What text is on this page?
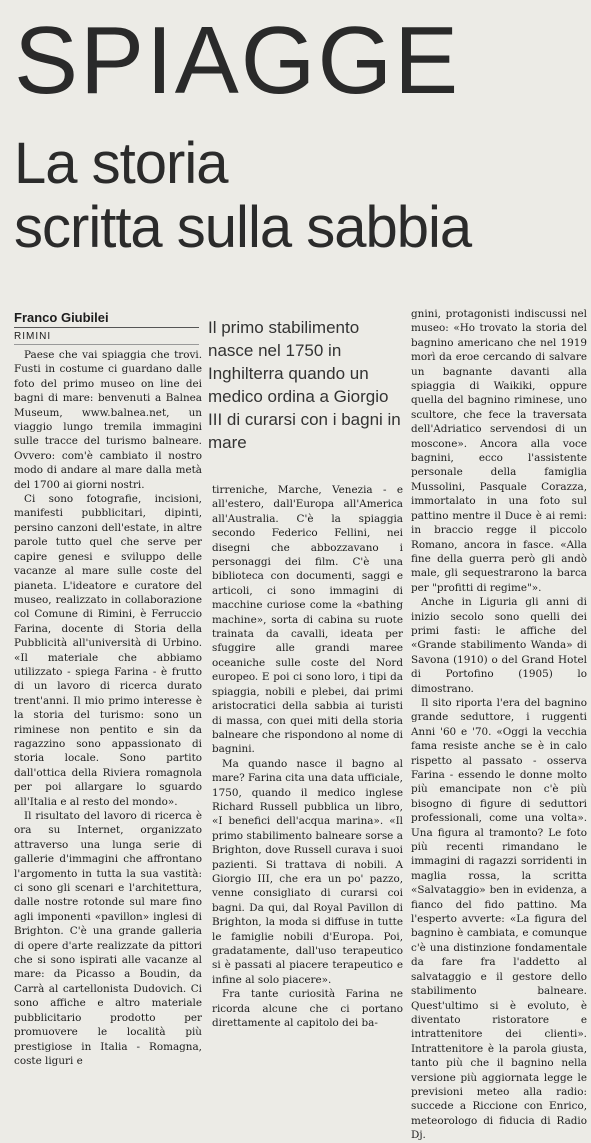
SPIAGGE
La storia
scritta sulla sabbia
Franco Giubilei
RIMINI	Il primo stabilimento nasce nel 1750 in Inghilterra quando un medico ordina a Giorgio III di curarsi con i bagni in mare

Paese che vai spiaggia che trovi. Fusti in costume ci guardano dalle foto del primo museo on line dei bagni di mare: benvenuti a Balnea Museum, www.balnea.net, un viaggio lungo tremila immagini sulle tracce del turismo balneare. Ovvero: com'è cambiato il nostro modo di andare al mare dalla metà del 1700 ai giorni nostri.

Ci sono fotografie, incisioni, manifesti pubblicitari, dipinti, persino canzoni dell'estate, in altre parole tutto quel che serve per capire genesi e sviluppo delle vacanze al mare sulle coste del pianeta. L'ideatore e curatore del museo, realizzato in collaborazione col Comune di Rimini, è Ferruccio Farina, docente di Storia della Pubblicità all'università di Urbino. «Il materiale che abbiamo utilizzato - spiega Farina - è frutto di un lavoro di ricerca durato trent'anni. Il mio primo interesse è la storia del turismo: sono un riminese non pentito e sin da ragazzino sono appassionato di storia locale. Sono partito dall'ottica della Riviera romagnola per poi allargare lo sguardo all'Italia e al resto del mondo».

Il risultato del lavoro di ricerca è ora su Internet, organizzato attraverso una lunga serie di gallerie d'immagini che affrontano l'argomento in tutta la sua vastità: ci sono gli scenari e l'architettura, dalle nostre rotonde sul mare fino agli imponenti «pavillon» inglesi di Brighton. C'è una grande galleria di opere d'arte realizzate da pittori che si sono ispirati alle vacanze al mare: da Picasso a Boudin, da Carrà al cartellonista Dudovich. Ci sono affiche e altro materiale pubblicitario prodotto per promuovere le località più prestigiose in Italia - Romagna, coste liguri e

tirreniche, Marche, Venezia - e all'estero, dall'Europa all'America all'Australia. C'è la spiaggia secondo Federico Fellini, nei disegni che abbozzavano i personaggi dei film. C'è una biblioteca con documenti, saggi e articoli, ci sono immagini di macchine curiose come la «bathing machine», sorta di cabina su ruote trainata da cavalli, ideata per sfuggire alle grandi maree oceaniche sulle coste del Nord europeo. E poi ci sono loro, i tipi da spiaggia, nobili e plebei, dai primi aristocratici della sabbia ai turisti di massa, con quei miti della storia balneare che rispondono al nome di bagnini.

Ma quando nasce il bagno al mare? Farina cita una data ufficiale, 1750, quando il medico inglese Richard Russell pubblica un libro, «I benefici dell'acqua marina». «Il primo stabilimento balneare sorse a Brighton, dove Russell curava i suoi pazienti. Si trattava di nobili. A Giorgio III, che era un po' pazzo, venne consigliato di curarsi coi bagni. Da qui, dal Royal Pavillon di Brighton, la moda si diffuse in tutte le famiglie nobili d'Europa. Poi, gradatamente, dall'uso terapeutico si è passati al piacere terapeutico e infine al solo piacere».

Fra tante curiosità Farina ne ricorda alcune che ci portano direttamente al capitolo dei ba-

gnini, protagonisti indiscussi nel museo: «Ho trovato la storia del bagnino americano che nel 1919 morì da eroe cercando di salvare un bagnante davanti alla spiaggia di Waikiki, oppure quella del bagnino riminese, uno scultore, che fece la traversata dell'Adriatico servendosi di un moscone». Ancora alla voce bagnini, ecco l'assistente personale della famiglia Mussolini, Pasquale Corazza, immortalato in una foto sul pattino mentre il Duce è ai remi: in braccio regge il piccolo Romano, ancora in fasce. «Alla fine della guerra però gli andò male, gli sequestrarono la barca per "profitti di regime"».

Anche in Liguria gli anni di inizio secolo sono quelli dei primi fasti: le affiche del «Grande stabilimento Wanda» di Savona (1910) o del Grand Hotel di Portofino (1905) lo dimostrano.

Il sito riporta l'era del bagnino grande seduttore, i ruggenti Anni '60 e '70. «Oggi la vecchia fama resiste anche se è in calo rispetto al passato - osserva Farina - essendo le donne molto più emancipate non c'è più bisogno di figure di seduttori professionali, come una volta». Una figura al tramonto? Le foto più recenti rimandano le immagini di ragazzi sorridenti in maglia rossa, la scritta «Salvataggio» ben in evidenza, a fianco del fido pattino. Ma l'esperto avverte: «La figura del bagnino è cambiata, e comunque c'è una distinzione fondamentale da fare fra l'addetto al salvataggio e il gestore dello stabilimento balneare. Quest'ultimo si è evoluto, è diventato ristoratore e intrattenitore dei clienti». Intrattenitore è la parola giusta, tanto più che il bagnino nella versione più aggiornata legge le previsioni meteo alla radio: succede a Riccione con Enrico, meteorologo di fiducia di Radio Dj.
